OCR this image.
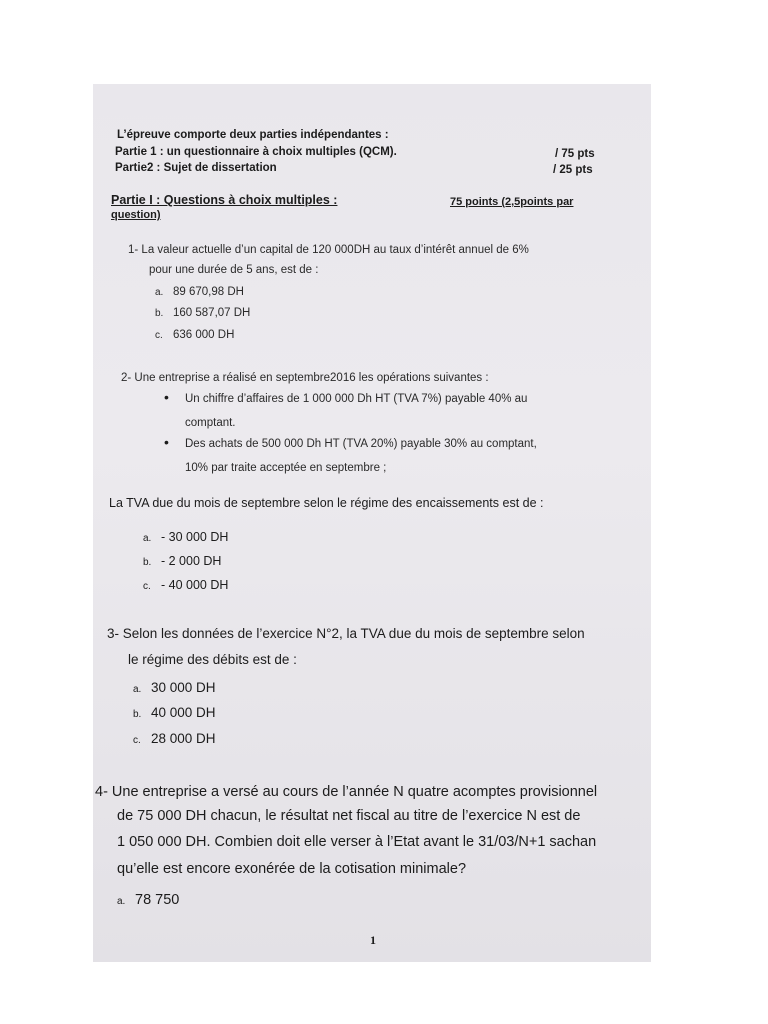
L’épreuve comporte deux parties indépendantes :
Partie 1 : un questionnaire à choix multiples (QCM).	/ 75 pts
Partie2 : Sujet de dissertation	/ 25 pts
Partie I : Questions à choix multiples :	75 points (2,5points par
question)
1- La valeur actuelle d’un capital de 120 000DH au taux d’intérêt annuel de 6%
pour une durée de 5 ans, est de :
a. 89 670,98 DH
b. 160 587,07 DH
c. 636 000 DH
2- Une entreprise a réalisé en septembre2016 les opérations suivantes :
• Un chiffre d’affaires de 1 000 000 Dh HT (TVA 7%) payable 40% au
comptant.
• Des achats de 500 000 Dh HT (TVA 20%) payable 30% au comptant,
10% par traite acceptée en septembre ;
La TVA due du mois de septembre selon le régime des encaissements est de :
a. - 30 000 DH
b. - 2 000 DH
c. - 40 000 DH
3- Selon les données de l’exercice N°2, la TVA due du mois de septembre selon
le régime des débits est de :
a. 30 000 DH
b. 40 000 DH
c. 28 000 DH
4- Une entreprise a versé au cours de l’année N quatre acomptes provisionnel
de 75 000 DH chacun, le résultat net fiscal au titre de l’exercice N est de
1 050 000 DH. Combien doit elle verser à l’Etat avant le 31/03/N+1 sachan
qu’elle est encore exonérée de la cotisation minimale?
a. 78 750
1
